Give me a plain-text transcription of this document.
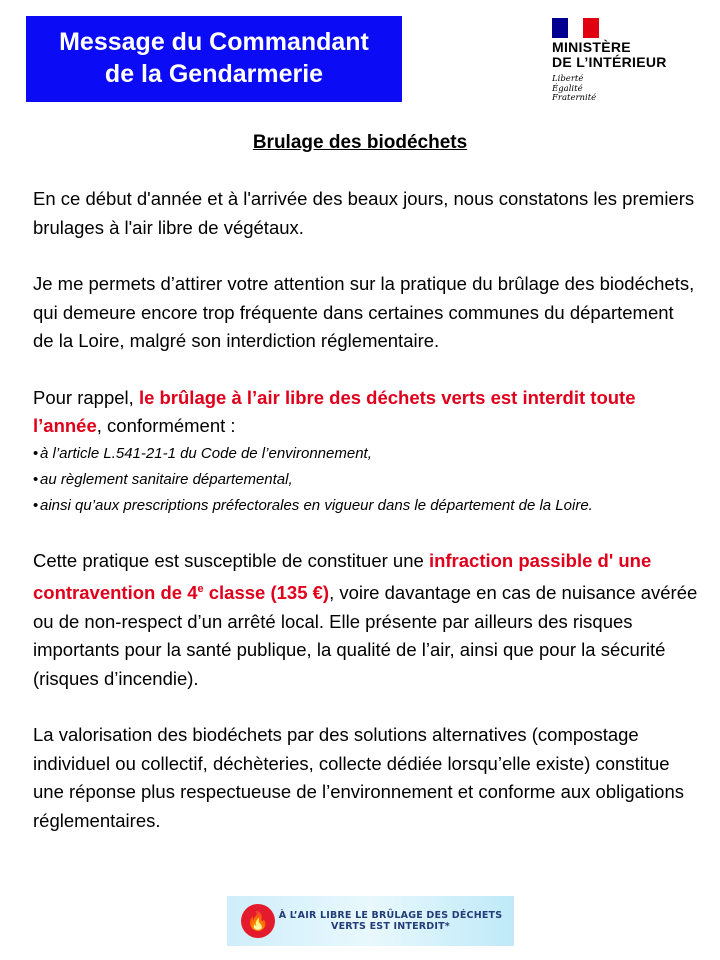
Message du Commandant
de la Gendarmerie
MINISTÈRE
DE L’INTÉRIEUR
Liberté
Égalité
Fraternité
Brulage des biodéchets

En ce début d'année et à l'arrivée des beaux jours, nous constatons les premiers brulages à l'air libre de végétaux.

Je me permets d’attirer votre attention sur la pratique du brûlage des biodéchets, qui demeure encore trop fréquente dans certaines communes du département de la Loire, malgré son interdiction réglementaire.

Pour rappel, le brûlage à l’air libre des déchets verts est interdit toute l’année, conformément :

• à l’article L.541-21-1 du Code de l’environnement,
• au règlement sanitaire départemental,
• ainsi qu’aux prescriptions préfectorales en vigueur dans le département de la Loire.

Cette pratique est susceptible de constituer une infraction passible d' une contravention de 4e classe (135 €), voire davantage en cas de nuisance avérée ou de non-respect d’un arrêté local. Elle présente par ailleurs des risques importants pour la santé publique, la qualité de l’air, ainsi que pour la sécurité (risques d’incendie).

La valorisation des biodéchets par des solutions alternatives (compostage individuel ou collectif, déchèteries, collecte dédiée lorsqu’elle existe) constitue une réponse plus respectueuse de l’environnement et conforme aux obligations réglementaires.

🔥	À L’AIR LIBRE LE BRÛLAGE DES DÉCHETS VERTS EST INTERDIT*
